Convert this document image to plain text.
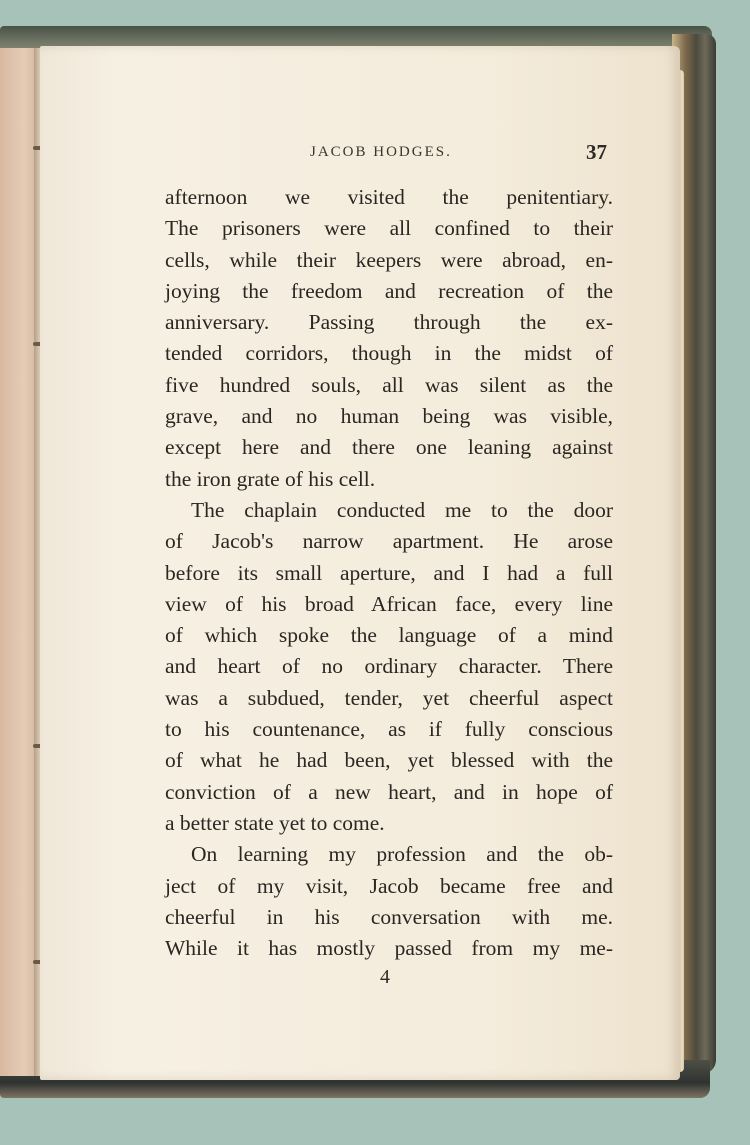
JACOB HODGES.	37
afternoon we visited the penitentiary.
The prisoners were all confined to their
cells, while their keepers were abroad, en-
joying the freedom and recreation of the
anniversary. Passing through the ex-
tended corridors, though in the midst of
five hundred souls, all was silent as the
grave, and no human being was visible,
except here and there one leaning against
the iron grate of his cell.
The chaplain conducted me to the door
of Jacob's narrow apartment. He arose
before its small aperture, and I had a full
view of his broad African face, every line
of which spoke the language of a mind
and heart of no ordinary character. There
was a subdued, tender, yet cheerful aspect
to his countenance, as if fully conscious
of what he had been, yet blessed with the
conviction of a new heart, and in hope of
a better state yet to come.
On learning my profession and the ob-
ject of my visit, Jacob became free and
cheerful in his conversation with me.
While it has mostly passed from my me-
4
